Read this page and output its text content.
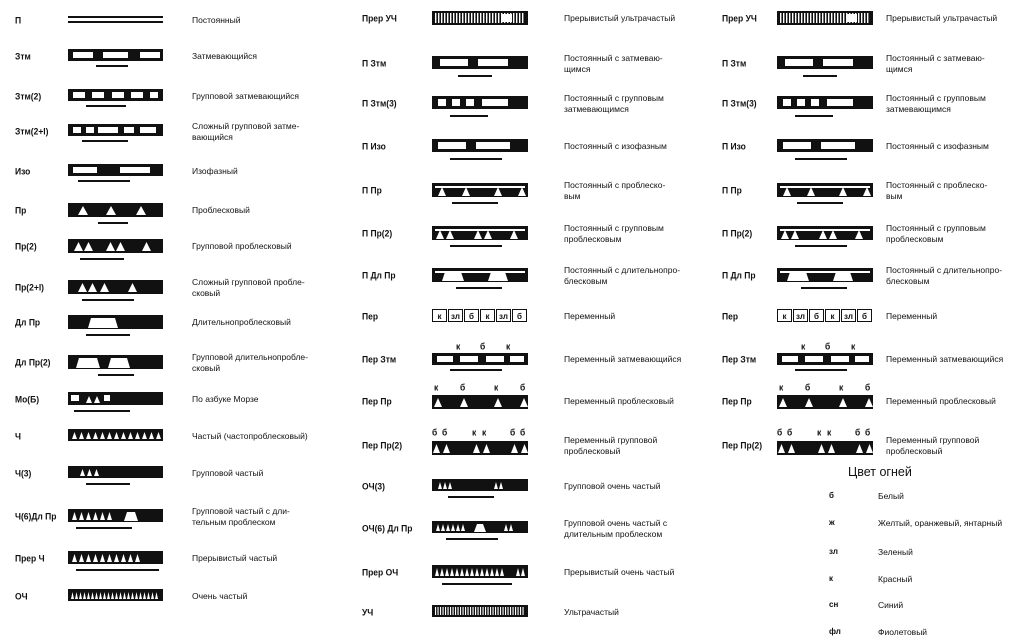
П	Постоянный
Зтм	Затмевающийся
Зтм(2)	Групповой затмевающийся
Зтм(2+l)	Сложный групповой затме-
вающийся
Изо	Изофазный
Пр	Проблесковый
Пр(2)	Групповой проблесковый
Пр(2+l)	Сложный групповой пробле-
сковый
Дл Пр	Длительнопроблесковый
Дл Пр(2)	Групповой длительнопробле-
сковый
Мо(Б)	По азбуке Морзе
Ч	Частый (частопроблесковый)
Ч(3)	Групповой частый
Ч(6)Дл Пр	Групповой частый с дли-
тельным проблеском
Прер Ч	Прерывистый частый
ОЧ	Очень частый
Прер УЧ	Прерывистый ультрачастый
П Зтм	Постоянный с затмеваю-
щимся
П Зтм(3)	Постоянный с групповым
затмевающимся
П Изо	Постоянный с изофазным
П Пр	Постоянный с проблеско-
вым
П Пр(2)	Постоянный с групповым
проблесковым
П Дл Пр	Постоянный с длительнопро-
блесковым
Пер	Переменный
к	зл	б	к	зл	б
Пер Зтм	Переменный затмевающийся
к б к
Пер Пр	Переменный проблесковый
к	б	к	б
Пер Пр(2)	Переменный групповой
проблесковый
б б	к к	б б
ОЧ(3)	Групповой очень частый
ОЧ(6) Дл Пр	Групповой очень частый с
длительным проблеском
Прер ОЧ	Прерывистый очень частый
УЧ	Ультрачастый
Прер УЧ	Прерывистый ультрачастый
П Зтм	Постоянный с затмеваю-
щимся
П Зтм(3)	Постоянный с групповым
затмевающимся
П Изо	Постоянный с изофазным
П Пр	Постоянный с проблеско-
вым
П Пр(2)	Постоянный с групповым
проблесковым
П Дл Пр	Постоянный с длительнопро-
блесковым
Пер	Переменный
к	зл	б	к	зл	б
Пер Зтм	Переменный затмевающийся
к б к
Пер Пр	Переменный проблесковый
к	б	к	б
Пер Пр(2)	Переменный групповой
проблесковый
б б	к к	б б
Цвет огней
б	Белый
ж	Желтый, оранжевый, янтарный
зл	Зеленый
к	Красный
сн	Синий
фл	Фиолетовый
